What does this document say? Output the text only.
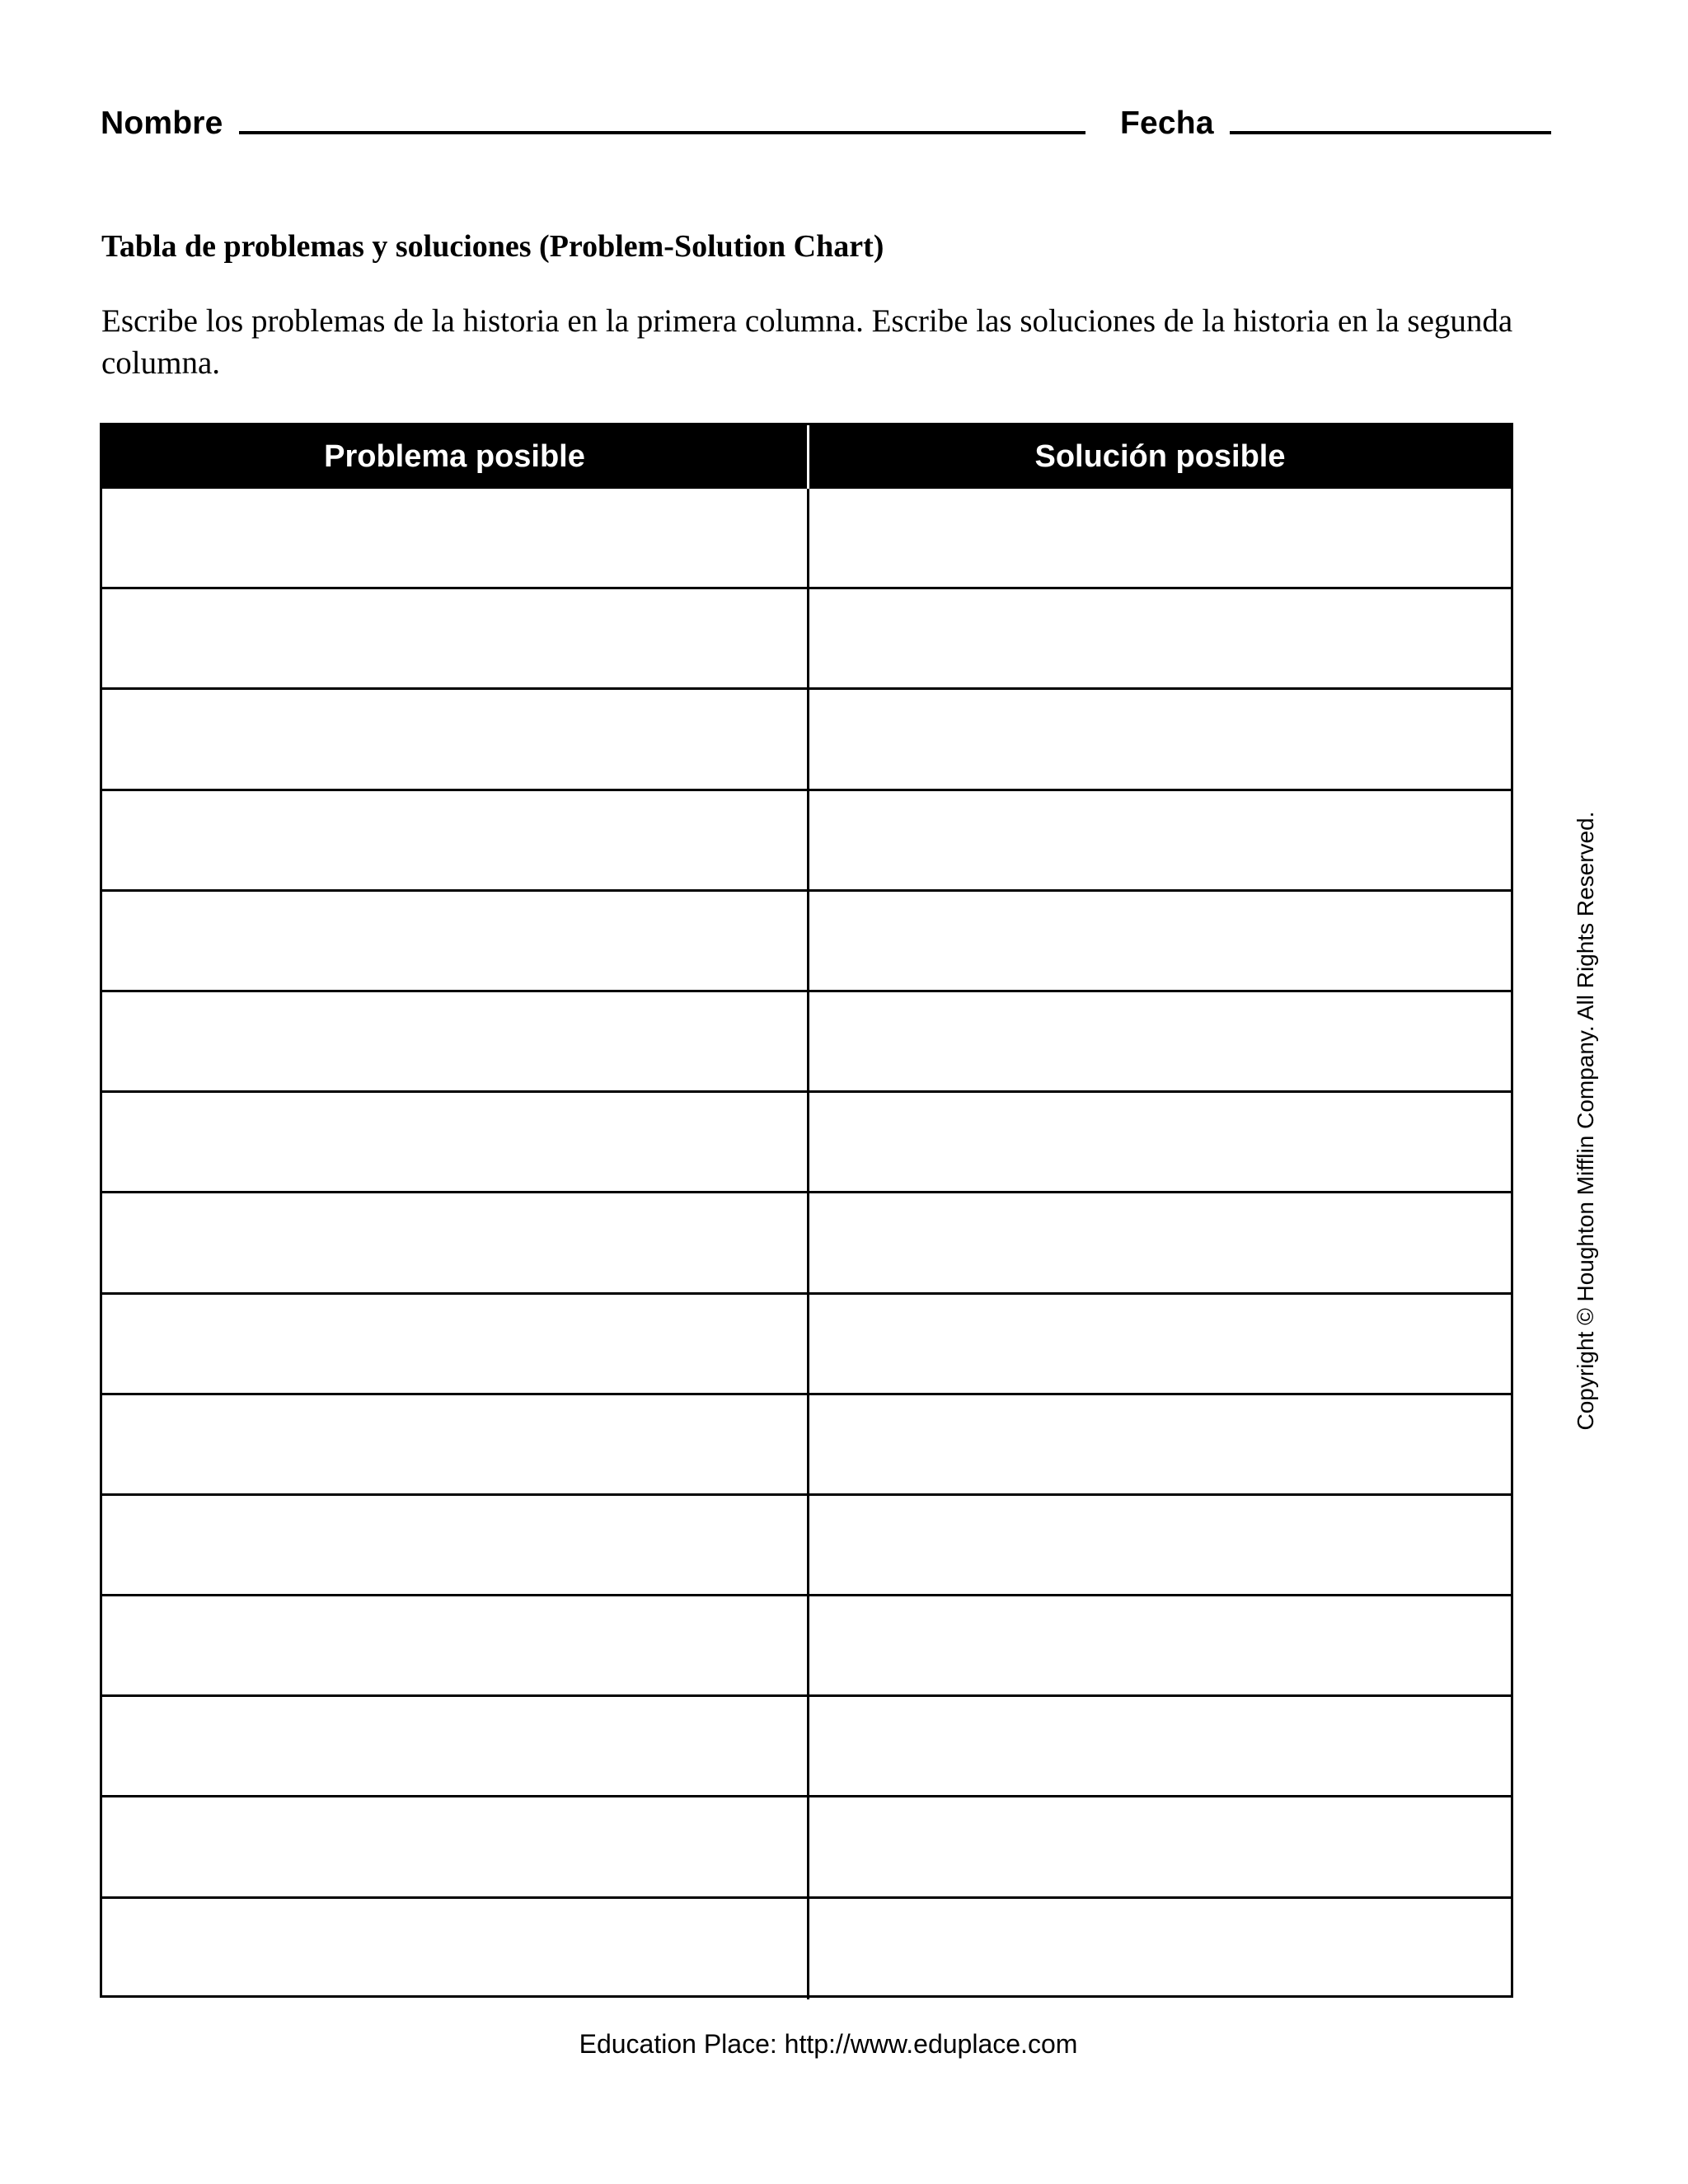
Nombre	Fecha
Tabla de problemas y soluciones (Problem-Solution Chart)
Escribe los problemas de la historia en la primera columna. Escribe las soluciones de la historia en la segunda columna.
Problema posible	Solución posible
Copyright © Houghton Mifflin Company. All Rights Reserved.
Education Place: http://www.eduplace.com
